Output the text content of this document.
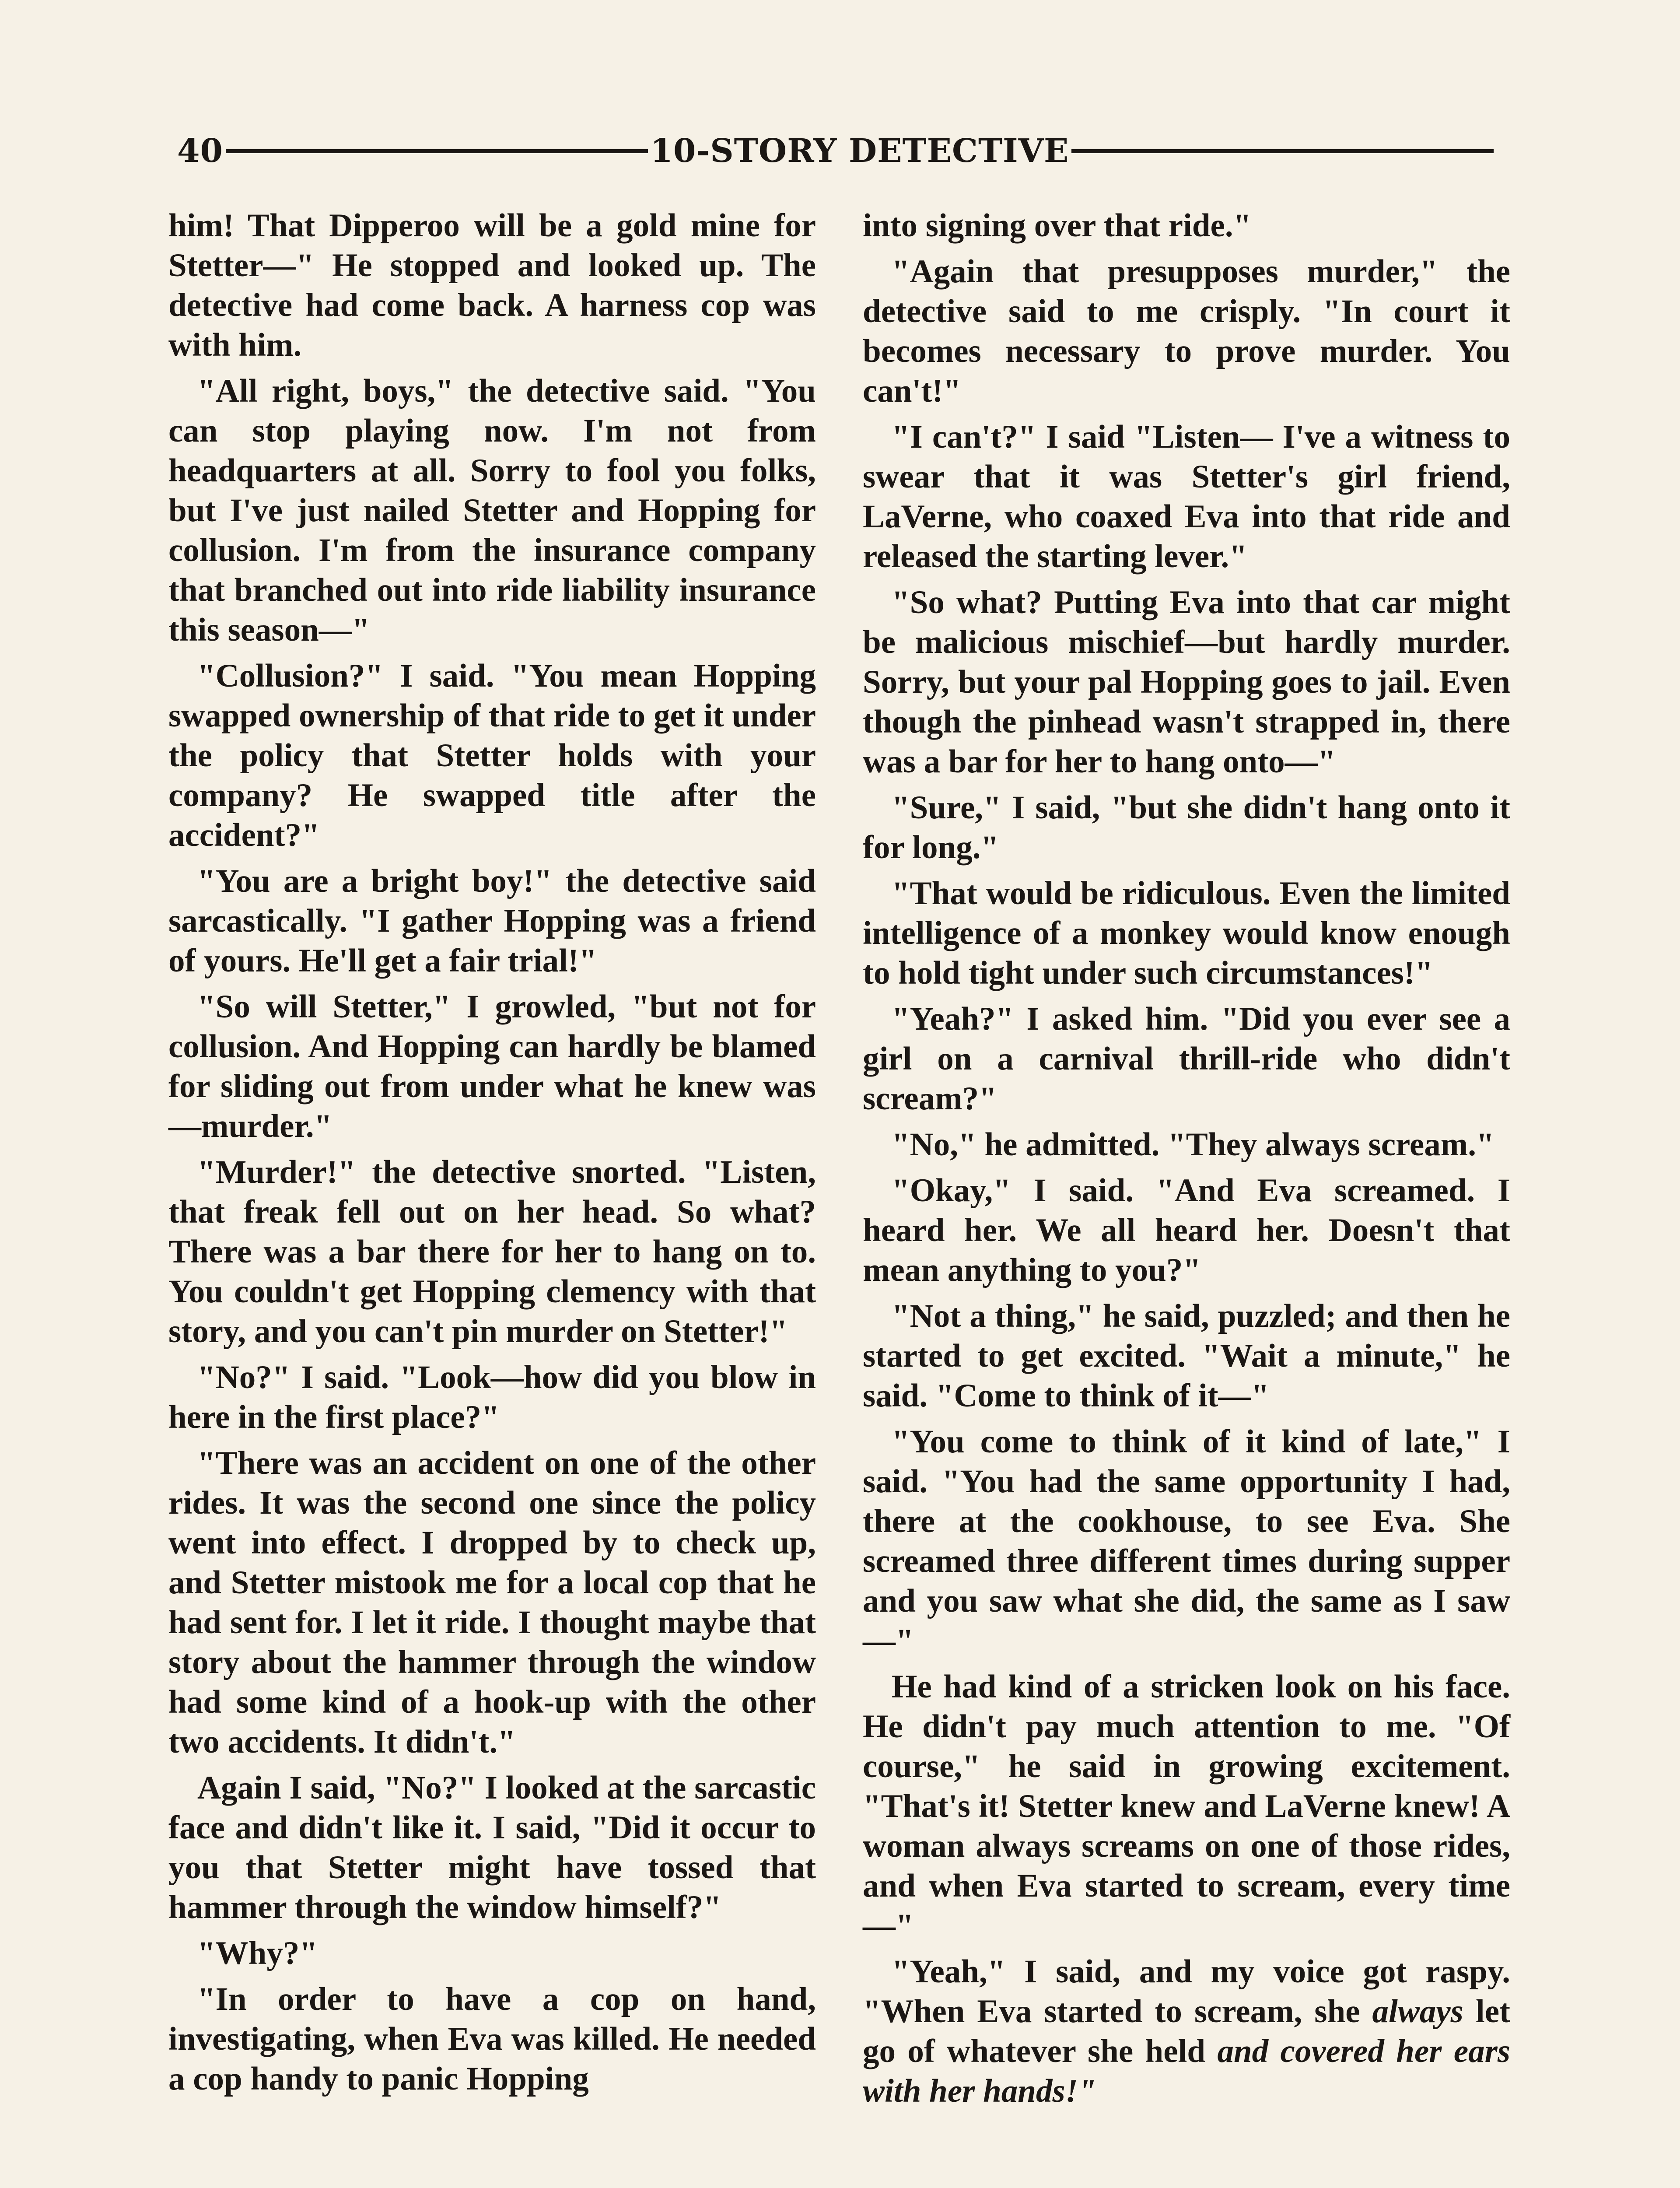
40	10-STORY DETECTIVE

him! That Dipperoo will be a gold mine for Stetter—" He stopped and looked up. The detective had come back. A harness cop was with him.

"All right, boys," the detective said. "You can stop playing now. I'm not from headquarters at all. Sorry to fool you folks, but I've just nailed Stetter and Hopping for collusion. I'm from the insurance company that branched out into ride liability insurance this season—"

"Collusion?" I said. "You mean Hopping swapped ownership of that ride to get it under the policy that Stetter holds with your company? He swapped title after the accident?"

"You are a bright boy!" the detective said sarcastically. "I gather Hopping was a friend of yours. He'll get a fair trial!"

"So will Stetter," I growled, "but not for collusion. And Hopping can hardly be blamed for sliding out from under what he knew was—murder."

"Murder!" the detective snorted. "Listen, that freak fell out on her head. So what? There was a bar there for her to hang on to. You couldn't get Hopping clemency with that story, and you can't pin murder on Stetter!"

"No?" I said. "Look—how did you blow in here in the first place?"

"There was an accident on one of the other rides. It was the second one since the policy went into effect. I dropped by to check up, and Stetter mistook me for a local cop that he had sent for. I let it ride. I thought maybe that story about the hammer through the window had some kind of a hook-up with the other two accidents. It didn't."

Again I said, "No?" I looked at the sarcastic face and didn't like it. I said, "Did it occur to you that Stetter might have tossed that hammer through the window himself?"

"Why?"

"In order to have a cop on hand, investigating, when Eva was killed. He needed a cop handy to panic Hopping

into signing over that ride."

"Again that presupposes murder," the detective said to me crisply. "In court it becomes necessary to prove murder. You can't!"

"I can't?" I said "Listen— I've a witness to swear that it was Stetter's girl friend, LaVerne, who coaxed Eva into that ride and released the starting lever."

"So what? Putting Eva into that car might be malicious mischief—but hardly murder. Sorry, but your pal Hopping goes to jail. Even though the pinhead wasn't strapped in, there was a bar for her to hang onto—"

"Sure," I said, "but she didn't hang onto it for long."

"That would be ridiculous. Even the limited intelligence of a monkey would know enough to hold tight under such circumstances!"

"Yeah?" I asked him. "Did you ever see a girl on a carnival thrill-ride who didn't scream?"

"No," he admitted. "They always scream."

"Okay," I said. "And Eva screamed. I heard her. We all heard her. Doesn't that mean anything to you?"

"Not a thing," he said, puzzled; and then he started to get excited. "Wait a minute," he said. "Come to think of it—"

"You come to think of it kind of late," I said. "You had the same opportunity I had, there at the cookhouse, to see Eva. She screamed three different times during supper and you saw what she did, the same as I saw—"

He had kind of a stricken look on his face. He didn't pay much attention to me. "Of course," he said in growing excitement. "That's it! Stetter knew and LaVerne knew! A woman always screams on one of those rides, and when Eva started to scream, every time—"

"Yeah," I said, and my voice got raspy. "When Eva started to scream, she always let go of whatever she held and covered her ears with her hands!"
